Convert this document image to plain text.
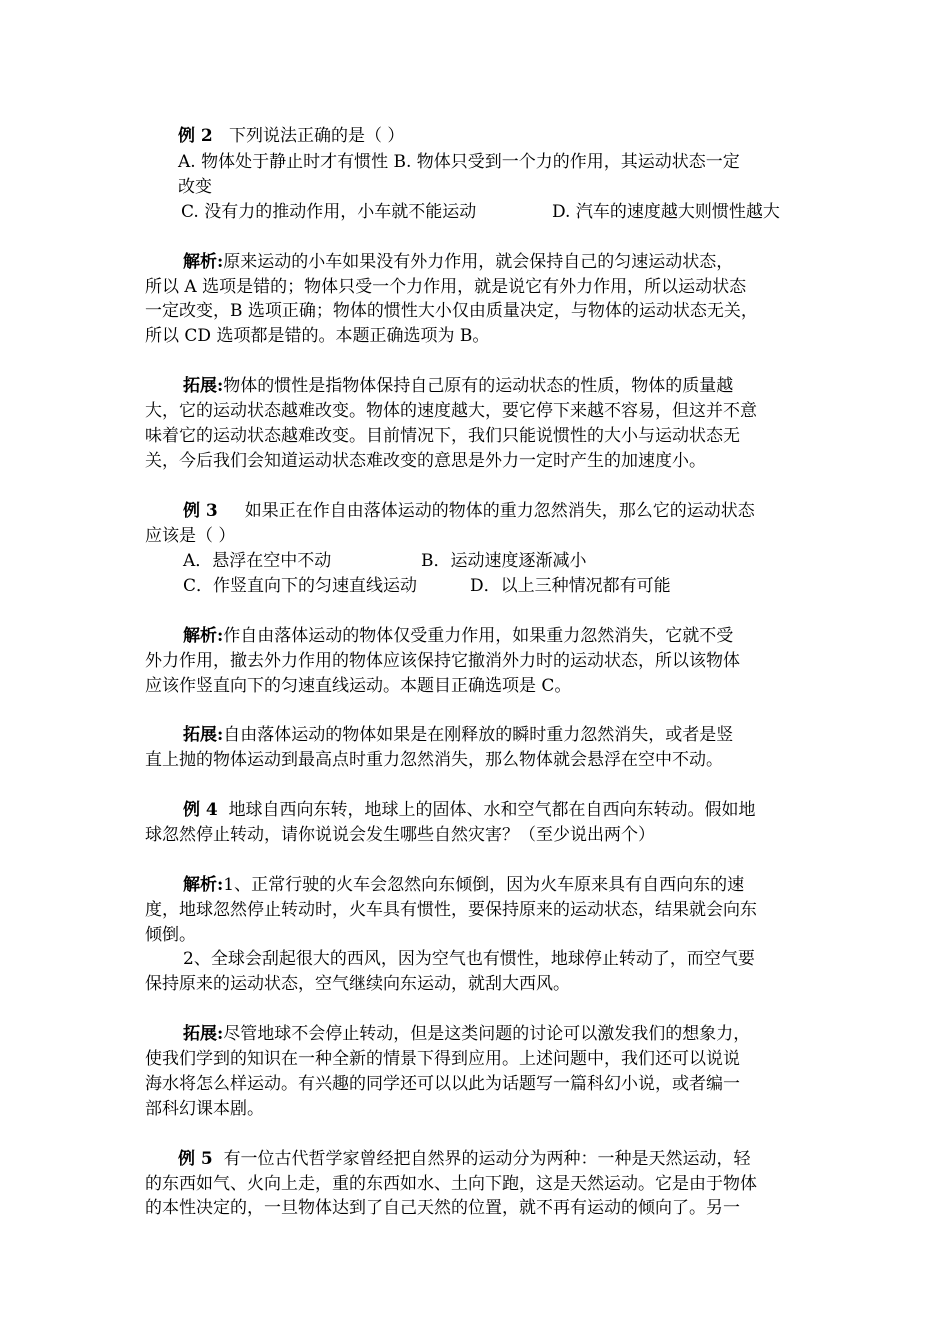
例 2 下列说法正确的是（ ）
A. 物体处于静止时才有惯性 B. 物体只受到一个力的作用，其运动状态一定
改变
C. 没有力的推动作用，小车就不能运动	D. 汽车的速度越大则惯性越大
解析:原来运动的小车如果没有外力作用，就会保持自己的匀速运动状态，
所以 A 选项是错的；物体只受一个力作用，就是说它有外力作用，所以运动状态
一定改变，B 选项正确；物体的惯性大小仅由质量决定，与物体的运动状态无关，
所以 CD 选项都是错的。本题正确选项为 B。
拓展:物体的惯性是指物体保持自己原有的运动状态的性质，物体的质量越
大，它的运动状态越难改变。物体的速度越大，要它停下来越不容易，但这并不意
味着它的运动状态越难改变。目前情况下，我们只能说惯性的大小与运动状态无
关，今后我们会知道运动状态难改变的意思是外力一定时产生的加速度小。
例 3 如果正在作自由落体运动的物体的重力忽然消失，那么它的运动状态
应该是（ ）
A．悬浮在空中不动	B．运动速度逐渐减小
C．作竖直向下的匀速直线运动	D．以上三种情况都有可能
解析:作自由落体运动的物体仅受重力作用，如果重力忽然消失，它就不受
外力作用，撤去外力作用的物体应该保持它撤消外力时的运动状态，所以该物体
应该作竖直向下的匀速直线运动。本题目正确选项是 C。
拓展:自由落体运动的物体如果是在刚释放的瞬时重力忽然消失，或者是竖
直上抛的物体运动到最高点时重力忽然消失，那么物体就会悬浮在空中不动。
例 4 地球自西向东转，地球上的固体、水和空气都在自西向东转动。假如地
球忽然停止转动，请你说说会发生哪些自然灾害？（至少说出两个）
解析:1、正常行驶的火车会忽然向东倾倒，因为火车原来具有自西向东的速
度，地球忽然停止转动时，火车具有惯性，要保持原来的运动状态，结果就会向东
倾倒。
2、全球会刮起很大的西风，因为空气也有惯性，地球停止转动了，而空气要
保持原来的运动状态，空气继续向东运动，就刮大西风。
拓展:尽管地球不会停止转动，但是这类问题的讨论可以激发我们的想象力，
使我们学到的知识在一种全新的情景下得到应用。上述问题中，我们还可以说说
海水将怎么样运动。有兴趣的同学还可以以此为话题写一篇科幻小说，或者编一
部科幻课本剧。
例 5 有一位古代哲学家曾经把自然界的运动分为两种：一种是天然运动，轻
的东西如气、火向上走，重的东西如水、土向下跑，这是天然运动。它是由于物体
的本性决定的，一旦物体达到了自己天然的位置，就不再有运动的倾向了。另一
